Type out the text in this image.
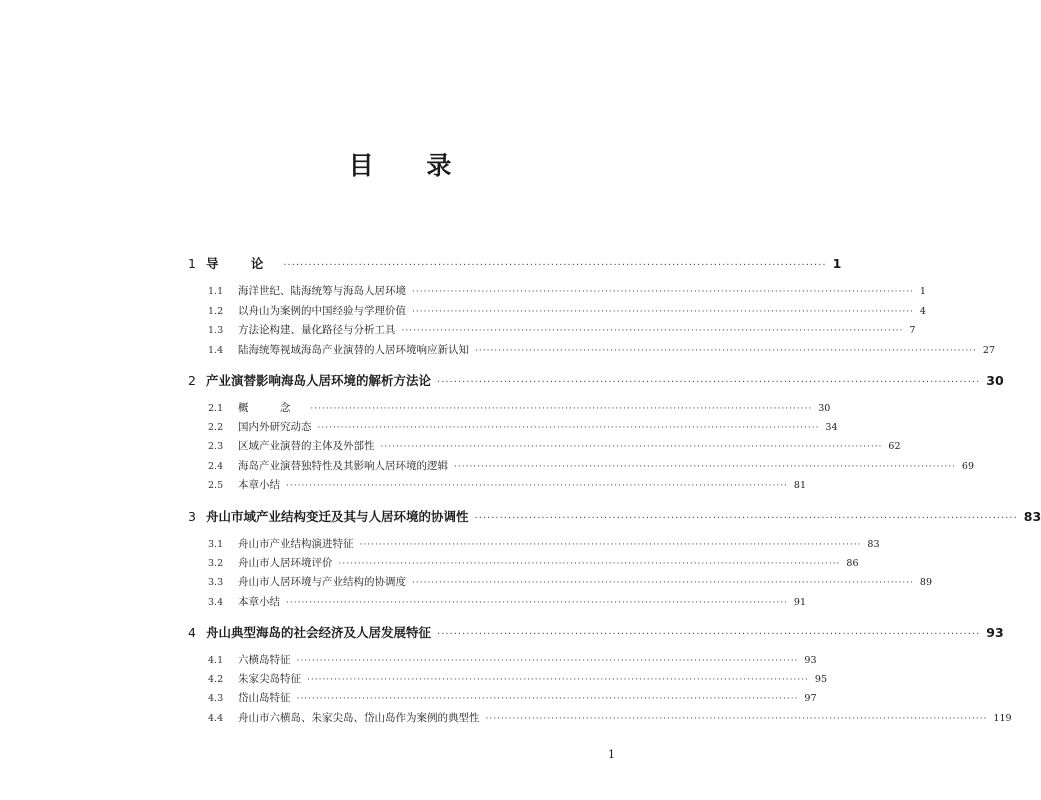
目 录
1 导 论 ·································································································································· 1
1.1	海洋世纪、陆海统筹与海岛人居环境 ·································································································································· 1
1.2	以舟山为案例的中国经验与学理价值 ·································································································································· 4
1.3	方法论构建、量化路径与分析工具 ·································································································································· 7
1.4	陆海统筹视域海岛产业演替的人居环境响应新认知 ·································································································································· 27
2 产业演替影响海岛人居环境的解析方法论 ·································································································································· 30
2.1	概 念 ·································································································································· 30
2.2	国内外研究动态 ·································································································································· 34
2.3	区域产业演替的主体及外部性 ·································································································································· 62
2.4	海岛产业演替独特性及其影响人居环境的逻辑 ·································································································································· 69
2.5	本章小结 ·································································································································· 81
3 舟山市域产业结构变迁及其与人居环境的协调性 ·································································································································· 83
3.1	舟山市产业结构演进特征 ·································································································································· 83
3.2	舟山市人居环境评价 ·································································································································· 86
3.3	舟山市人居环境与产业结构的协调度 ·································································································································· 89
3.4	本章小结 ·································································································································· 91
4 舟山典型海岛的社会经济及人居发展特征 ·································································································································· 93
4.1	六横岛特征 ·································································································································· 93
4.2	朱家尖岛特征 ·································································································································· 95
4.3	岱山岛特征 ·································································································································· 97
4.4	舟山市六横岛、朱家尖岛、岱山岛作为案例的典型性 ·································································································································· 119
1
